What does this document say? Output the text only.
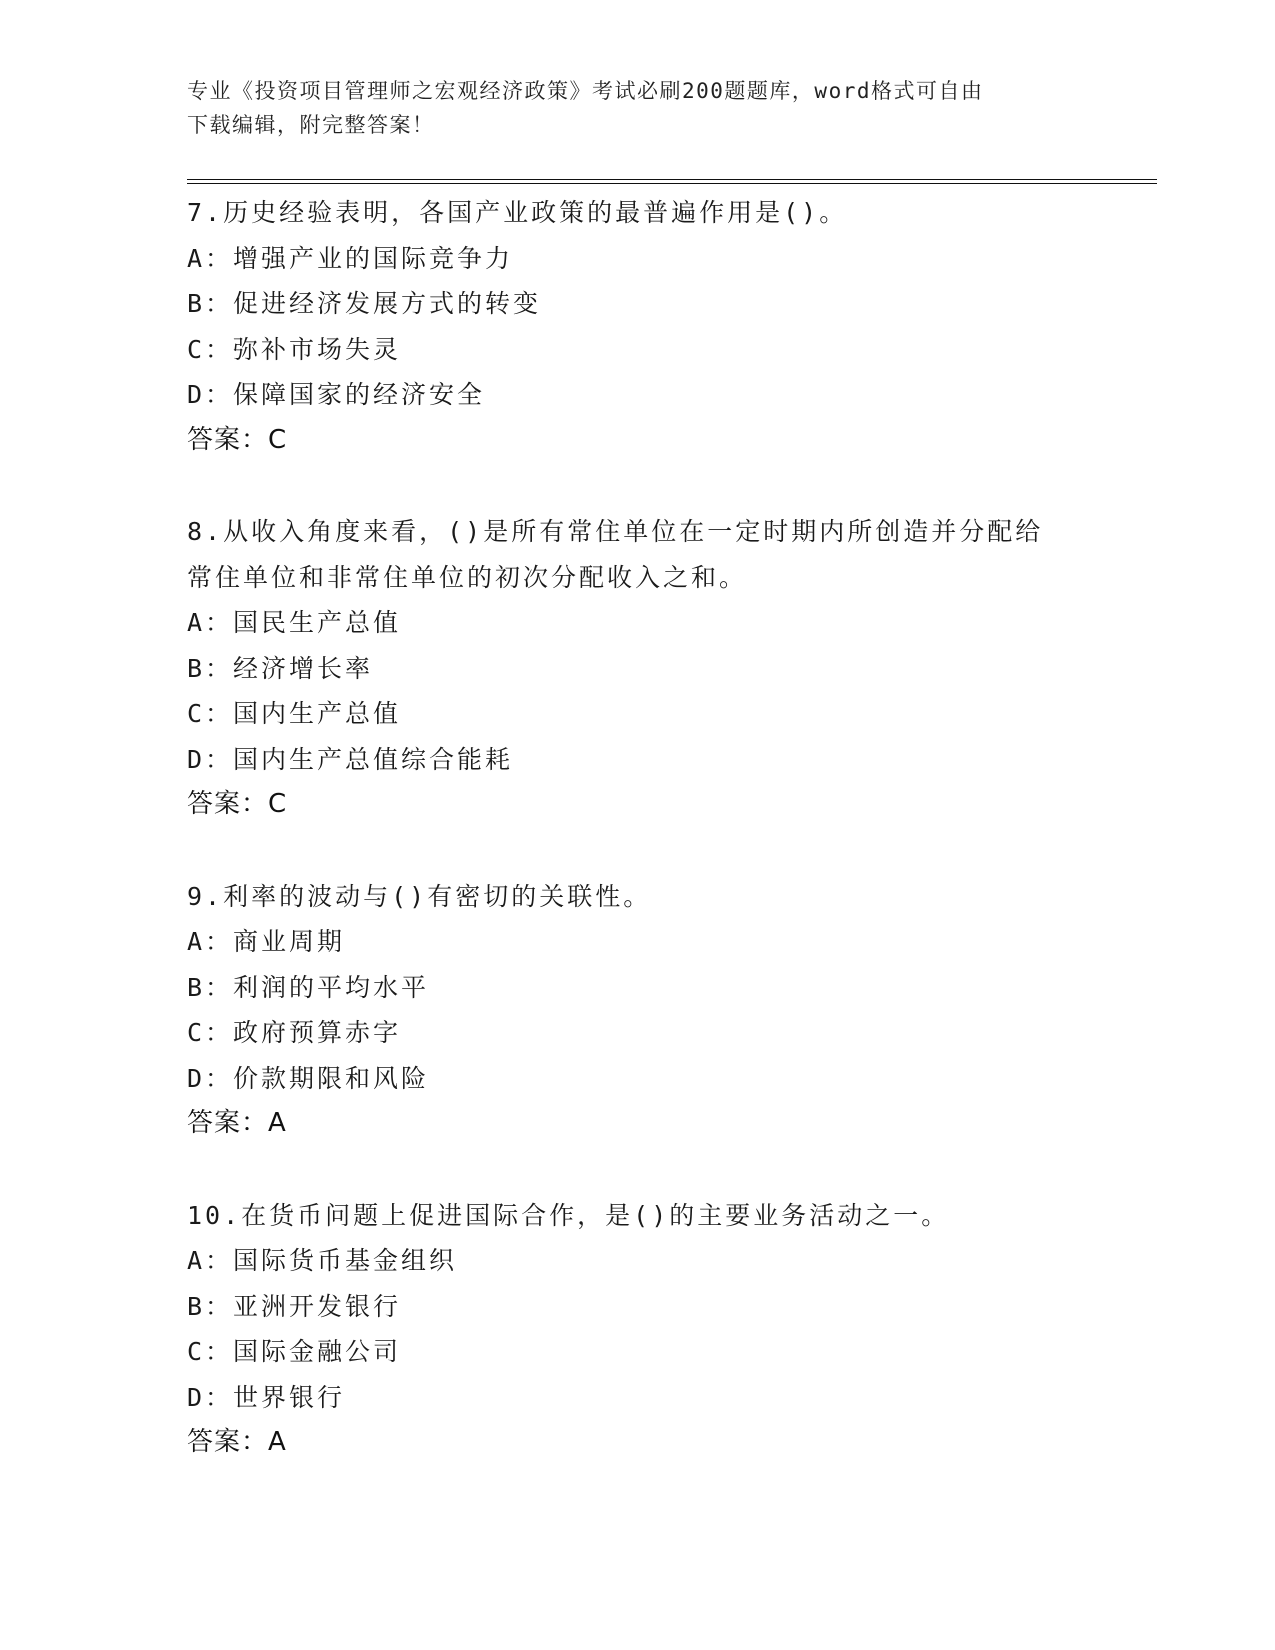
专业《投资项目管理师之宏观经济政策》考试必刷200题题库，word格式可自由
下载编辑，附完整答案！
7.历史经验表明，各国产业政策的最普遍作用是()。
A：增强产业的国际竞争力
B：促进经济发展方式的转变
C：弥补市场失灵
D：保障国家的经济安全
答案：C
8.从收入角度来看，()是所有常住单位在一定时期内所创造并分配给
常住单位和非常住单位的初次分配收入之和。
A：国民生产总值
B：经济增长率
C：国内生产总值
D：国内生产总值综合能耗
答案：C
9.利率的波动与()有密切的关联性。
A：商业周期
B：利润的平均水平
C：政府预算赤字
D：价款期限和风险
答案：A
10.在货币问题上促进国际合作，是()的主要业务活动之一。
A：国际货币基金组织
B：亚洲开发银行
C：国际金融公司
D：世界银行
答案：A
